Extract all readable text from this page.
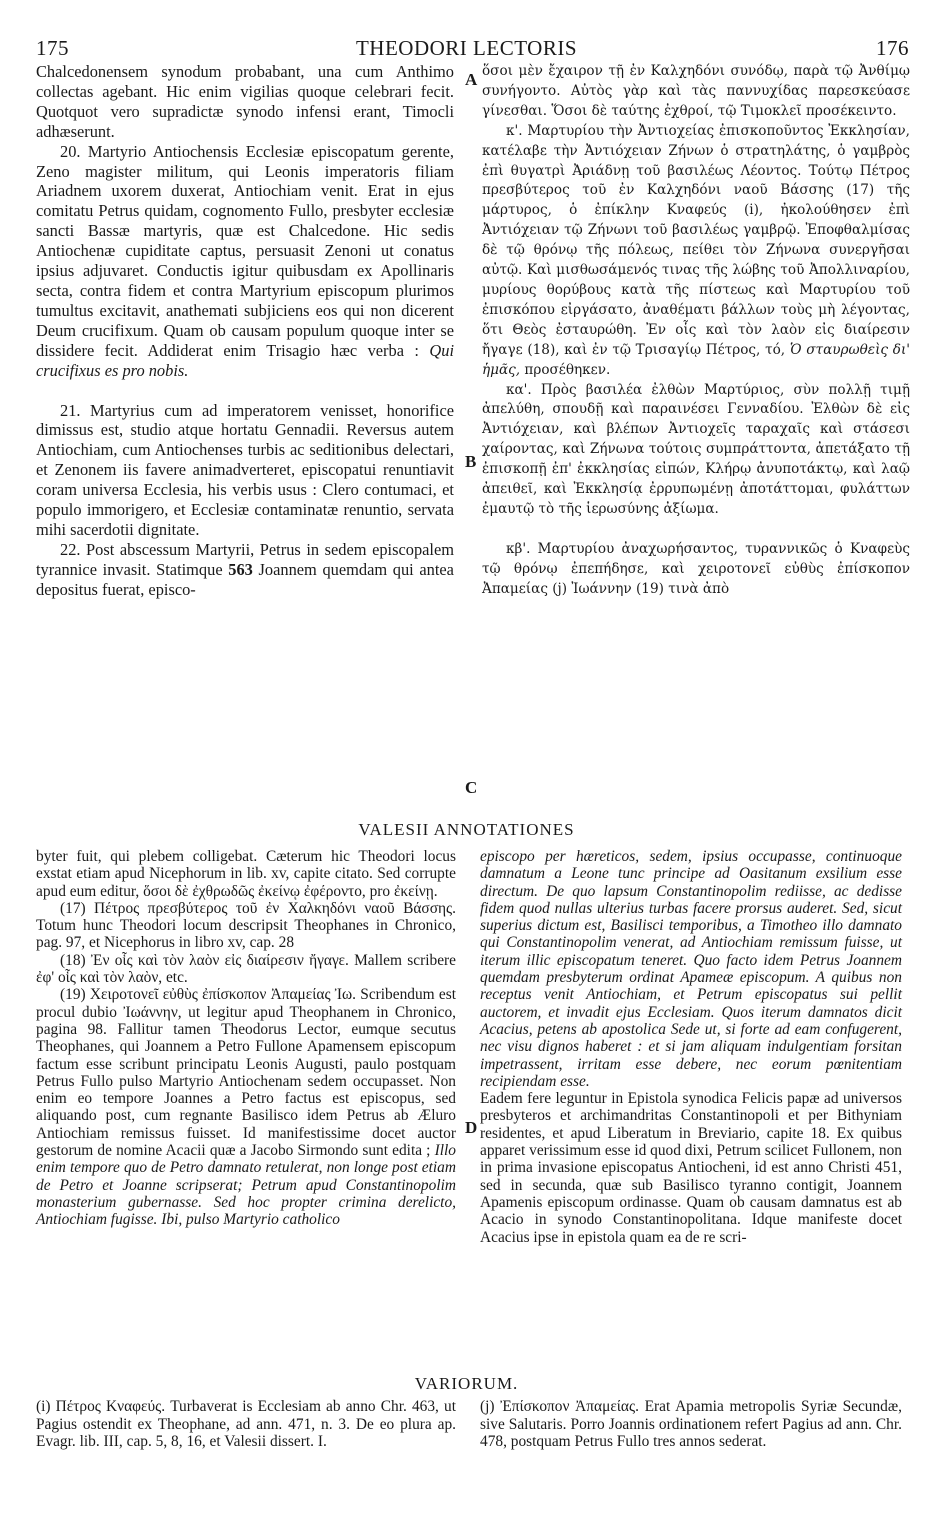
175	THEODORI LECTORIS	176

Chalcedonensem synodum probabant, una cum Anthimo collectas agebant. Hic enim vigilias quoque celebrari fecit. Quotquot vero supradictæ synodo infensi erant, Timocli adhæserunt.

20. Martyrio Antiochensis Ecclesiæ episcopatum gerente, Zeno magister militum, qui Leonis imperatoris filiam Ariadnem uxorem duxerat, Antiochiam venit. Erat in ejus comitatu Petrus quidam, cognomento Fullo, presbyter ecclesiæ sancti Bassæ martyris, quæ est Chalcedone. Hic sedis Antiochenæ cupiditate captus, persuasit Zenoni ut conatus ipsius adjuvaret. Conductis igitur quibusdam ex Apollinaris secta, contra fidem et contra Martyrium episcopum plurimos tumultus excitavit, anathemati subjiciens eos qui non dicerent Deum crucifixum. Quam ob causam populum quoque inter se dissidere fecit. Addiderat enim Trisagio hæc verba : Qui crucifixus es pro nobis.

21. Martyrius cum ad imperatorem venisset, honorifice dimissus est, studio atque hortatu Gennadii. Reversus autem Antiochiam, cum Antiochenses turbis ac seditionibus delectari, et Zenonem iis favere animadverteret, episcopatui renuntiavit coram universa Ecclesia, his verbis usus : Clero contumaci, et populo immorigero, et Ecclesiæ contaminatæ renuntio, servata mihi sacerdotii dignitate.

22. Post abscessum Martyrii, Petrus in sedem episcopalem tyrannice invasit. Statimque 563 Joannem quemdam qui antea depositus fuerat, episco-

A
B
C
D

ὅσοι μὲν ἔχαιρον τῇ ἐν Καλχηδόνι συνόδῳ, παρὰ τῷ Ἀνθίμῳ συνήγοντο. Αὐτὸς γὰρ καὶ τὰς παννυχίδας παρεσκεύασε γίνεσθαι. Ὅσοι δὲ ταύτης ἐχθροί, τῷ Τιμοκλεῖ προσέκειντο.

κ'. Μαρτυρίου τὴν Ἀντιοχείας ἐπισκοποῦντος Ἐκκλησίαν, κατέλαβε τὴν Ἀντιόχειαν Ζήνων ὁ στρατηλάτης, ὁ γαμβρὸς ἐπὶ θυγατρὶ Ἀριάδνῃ τοῦ βασιλέως Λέοντος. Τούτῳ Πέτρος πρεσβύτερος τοῦ ἐν Καλχηδόνι ναοῦ Βάσσης (17) τῆς μάρτυρος, ὁ ἐπίκλην Κναφεύς (i), ἠκολούθησεν ἐπὶ Ἀντιόχειαν τῷ Ζήνωνι τοῦ βασιλέως γαμβρῷ. Ἐποφθαλμίσας δὲ τῷ θρόνῳ τῆς πόλεως, πείθει τὸν Ζήνωνα συνεργῆσαι αὐτῷ. Καὶ μισθωσάμενός τινας τῆς λώβης τοῦ Ἀπολλιναρίου, μυρίους θορύβους κατὰ τῆς πίστεως καὶ Μαρτυρίου τοῦ ἐπισκόπου εἰργάσατο, ἀναθέματι βάλλων τοὺς μὴ λέγοντας, ὅτι Θεὸς ἐσταυρώθη. Ἐν οἷς καὶ τὸν λαὸν εἰς διαίρεσιν ἤγαγε (18), καὶ ἐν τῷ Τρισαγίῳ Πέτρος, τό, Ὁ σταυρωθεὶς δι' ἡμᾶς, προσέθηκεν.

κα'. Πρὸς βασιλέα ἐλθὼν Μαρτύριος, σὺν πολλῇ τιμῇ ἀπελύθη, σπουδῇ καὶ παραινέσει Γενναδίου. Ἐλθὼν δὲ εἰς Ἀντιόχειαν, καὶ βλέπων Ἀντιοχεῖς ταραχαῖς καὶ στάσεσι χαίροντας, καὶ Ζήνωνα τούτοις συμπράττοντα, ἀπετάξατο τῇ ἐπισκοπῇ ἐπ' ἐκκλησίας εἰπών, Κλήρῳ ἀνυποτάκτῳ, καὶ λαῷ ἀπειθεῖ, καὶ Ἐκκλησίᾳ ἐρρυπωμένῃ ἀποτάττομαι, φυλάττων ἐμαυτῷ τὸ τῆς ἱερωσύνης ἀξίωμα.

κβ'. Μαρτυρίου ἀναχωρήσαντος, τυραννικῶς ὁ Κναφεὺς τῷ θρόνῳ ἐπεπήδησε, καὶ χειροτονεῖ εὐθὺς ἐπίσκοπον Ἀπαμείας (j) Ἰωάννην (19) τινὰ ἀπὸ

VALESII ANNOTATIONES

byter fuit, qui plebem colligebat. Cæterum hic Theodori locus exstat etiam apud Nicephorum in lib. xv, capite citato. Sed corrupte apud eum editur, ὅσοι δὲ ἐχθρωδῶς ἐκείνῳ ἐφέροντο, pro ἐκείνῃ.

(17) Πέτρος πρεσβύτερος τοῦ ἐν Χαλκηδόνι ναοῦ Βάσσης. Totum hunc Theodori locum descripsit Theophanes in Chronico, pag. 97, et Nicephorus in libro xv, cap. 28

(18) Ἐν οἷς καὶ τὸν λαὸν εἰς διαίρεσιν ἤγαγε. Mallem scribere ἐφ' οἷς καὶ τὸν λαὸν, etc.

(19) Χειροτονεῖ εὐθὺς ἐπίσκοπον Ἀπαμείας Ἰω. Scribendum est procul dubio Ἰωάννην, ut legitur apud Theophanem in Chronico, pagina 98. Fallitur tamen Theodorus Lector, eumque secutus Theophanes, qui Joannem a Petro Fullone Apamensem episcopum factum esse scribunt principatu Leonis Augusti, paulo postquam Petrus Fullo pulso Martyrio Antiochenam sedem occupasset. Non enim eo tempore Joannes a Petro factus est episcopus, sed aliquando post, cum regnante Basilisco idem Petrus ab Æluro Antiochiam remissus fuisset. Id manifestissime docet auctor gestorum de nomine Acacii quæ a Jacobo Sirmondo sunt edita ; Illo enim tempore quo de Petro damnato retulerat, non longe post etiam de Petro et Joanne scripserat; Petrum apud Constantinopolim monasterium gubernasse. Sed hoc propter crimina derelicto, Antiochiam fugisse. Ibi, pulso Martyrio catholico

episcopo per hæreticos, sedem, ipsius occupasse, continuoque damnatum a Leone tunc principe ad Oasitanum exsilium esse directum. De quo lapsum Constantinopolim rediisse, ac dedisse fidem quod nullas ulterius turbas facere prorsus auderet. Sed, sicut superius dictum est, Basilisci temporibus, a Timotheo illo damnato qui Constantinopolim venerat, ad Antiochiam remissum fuisse, ut iterum illic episcopatum teneret. Quo facto idem Petrus Joannem quemdam presbyterum ordinat Apameæ episcopum. A quibus non receptus venit Antiochiam, et Petrum episcopatus sui pellit auctorem, et invadit ejus Ecclesiam. Quos iterum damnatos dicit Acacius, petens ab apostolica Sede ut, si forte ad eam confugerent, nec visu dignos haberet : et si jam aliquam indulgentiam forsitan impetrassent, irritam esse debere, nec eorum pœnitentiam recipiendam esse.

Eadem fere leguntur in Epistola synodica Felicis papæ ad universos presbyteros et archimandritas Constantinopoli et per Bithyniam residentes, et apud Liberatum in Breviario, capite 18. Ex quibus apparet verissimum esse id quod dixi, Petrum scilicet Fullonem, non in prima invasione episcopatus Antiocheni, id est anno Christi 451, sed in secunda, quæ sub Basilisco tyranno contigit, Joannem Apamenis episcopum ordinasse. Quam ob causam damnatus est ab Acacio in synodo Constantinopolitana. Idque manifeste docet Acacius ipse in epistola quam ea de re scri-

VARIORUM.
(i) Πέτρος Κναφεύς. Turbaverat is Ecclesiam ab anno Chr. 463, ut Pagius ostendit ex Theophane, ad ann. 471, n. 3. De eo plura ap. Evagr. lib. III, cap. 5, 8, 16, et Valesii dissert. I.
(j) Ἐπίσκοπον Ἀπαμείας. Erat Apamia metropolis Syriæ Secundæ, sive Salutaris. Porro Joannis ordinationem refert Pagius ad ann. Chr. 478, postquam Petrus Fullo tres annos sederat.
